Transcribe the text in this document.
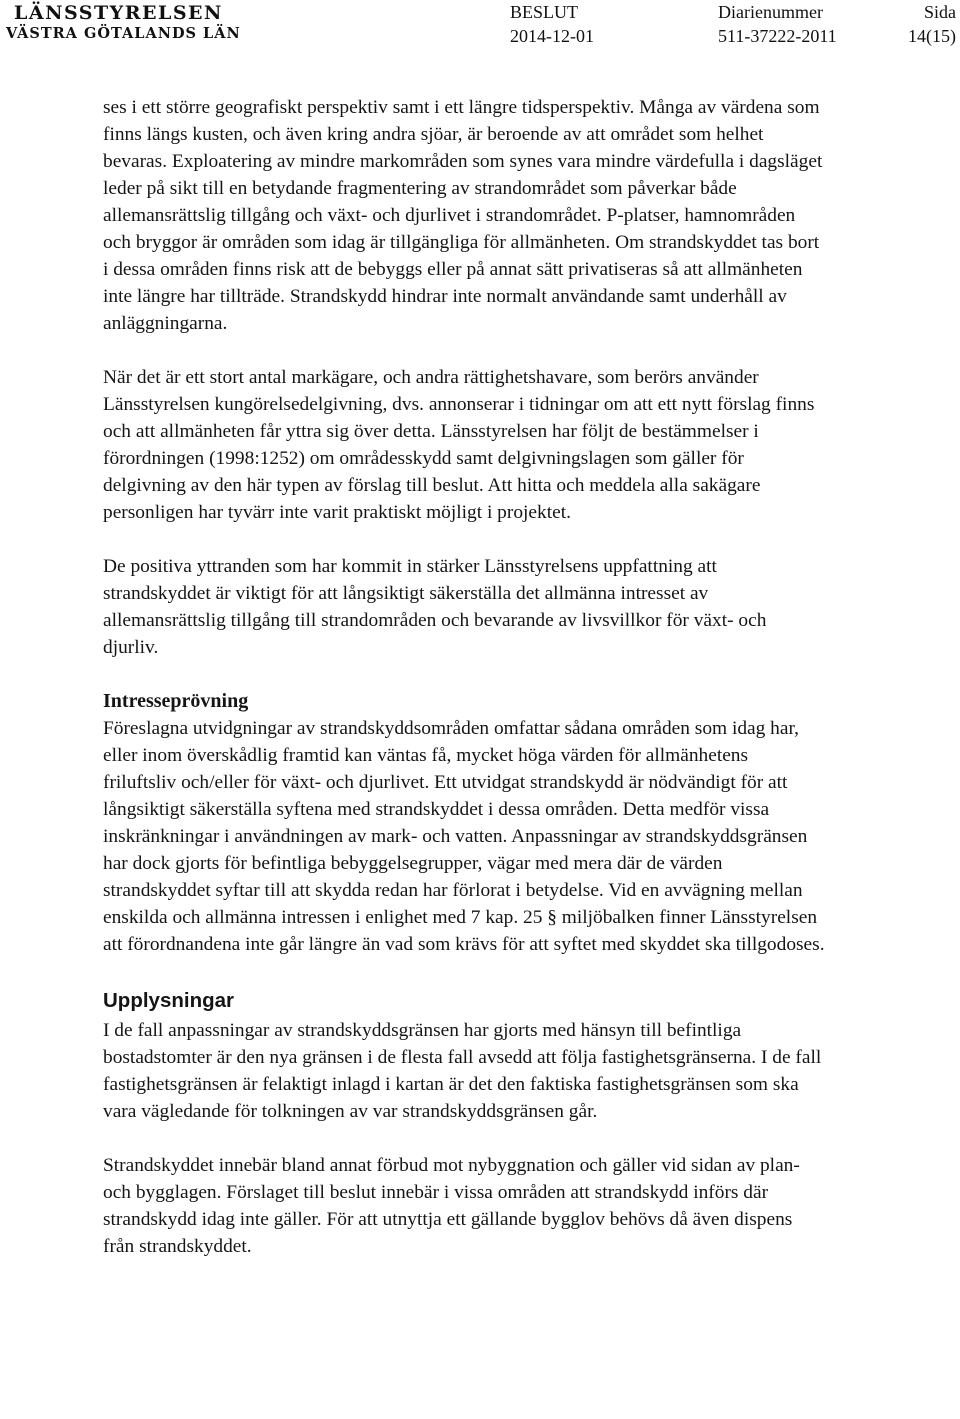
LÄNSSTYRELSEN
VÄSTRA GÖTALANDS LÄN
BESLUT
2014-12-01
Diarienummer
511-37222-2011
Sida
14(15)

ses i ett större geografiskt perspektiv samt i ett längre tidsperspektiv. Många av värdena som finns längs kusten, och även kring andra sjöar, är beroende av att området som helhet bevaras. Exploatering av mindre markområden som synes vara mindre värdefulla i dagsläget leder på sikt till en betydande fragmentering av strandområdet som påverkar både allemansrättslig tillgång och växt- och djurlivet i strandområdet. P-platser, hamnområden och bryggor är områden som idag är tillgängliga för allmänheten. Om strandskyddet tas bort i dessa områden finns risk att de bebyggs eller på annat sätt privatiseras så att allmänheten inte längre har tillträde. Strandskydd hindrar inte normalt användande samt underhåll av anläggningarna.

När det är ett stort antal markägare, och andra rättighetshavare, som berörs använder Länsstyrelsen kungörelsedelgivning, dvs. annonserar i tidningar om att ett nytt förslag finns och att allmänheten får yttra sig över detta. Länsstyrelsen har följt de bestämmelser i förordningen (1998:1252) om områdesskydd samt delgivningslagen som gäller för delgivning av den här typen av förslag till beslut. Att hitta och meddela alla sakägare personligen har tyvärr inte varit praktiskt möjligt i projektet.

De positiva yttranden som har kommit in stärker Länsstyrelsens uppfattning att strandskyddet är viktigt för att långsiktigt säkerställa det allmänna intresset av allemansrättslig tillgång till strandområden och bevarande av livsvillkor för växt- och djurliv.

Intresseprövning

Föreslagna utvidgningar av strandskyddsområden omfattar sådana områden som idag har, eller inom överskådlig framtid kan väntas få, mycket höga värden för allmänhetens friluftsliv och/eller för växt- och djurlivet. Ett utvidgat strandskydd är nödvändigt för att långsiktigt säkerställa syftena med strandskyddet i dessa områden. Detta medför vissa inskränkningar i användningen av mark- och vatten. Anpassningar av strandskyddsgränsen har dock gjorts för befintliga bebyggelsegrupper, vägar med mera där de värden strandskyddet syftar till att skydda redan har förlorat i betydelse. Vid en avvägning mellan enskilda och allmänna intressen i enlighet med 7 kap. 25 § miljöbalken finner Länsstyrelsen att förordnandena inte går längre än vad som krävs för att syftet med skyddet ska tillgodoses.

Upplysningar

I de fall anpassningar av strandskyddsgränsen har gjorts med hänsyn till befintliga bostadstomter är den nya gränsen i de flesta fall avsedd att följa fastighetsgränserna. I de fall fastighetsgränsen är felaktigt inlagd i kartan är det den faktiska fastighetsgränsen som ska vara vägledande för tolkningen av var strandskyddsgränsen går.

Strandskyddet innebär bland annat förbud mot nybyggnation och gäller vid sidan av plan- och bygglagen. Förslaget till beslut innebär i vissa områden att strandskydd införs där strandskydd idag inte gäller. För att utnyttja ett gällande bygglov behövs då även dispens från strandskyddet.
